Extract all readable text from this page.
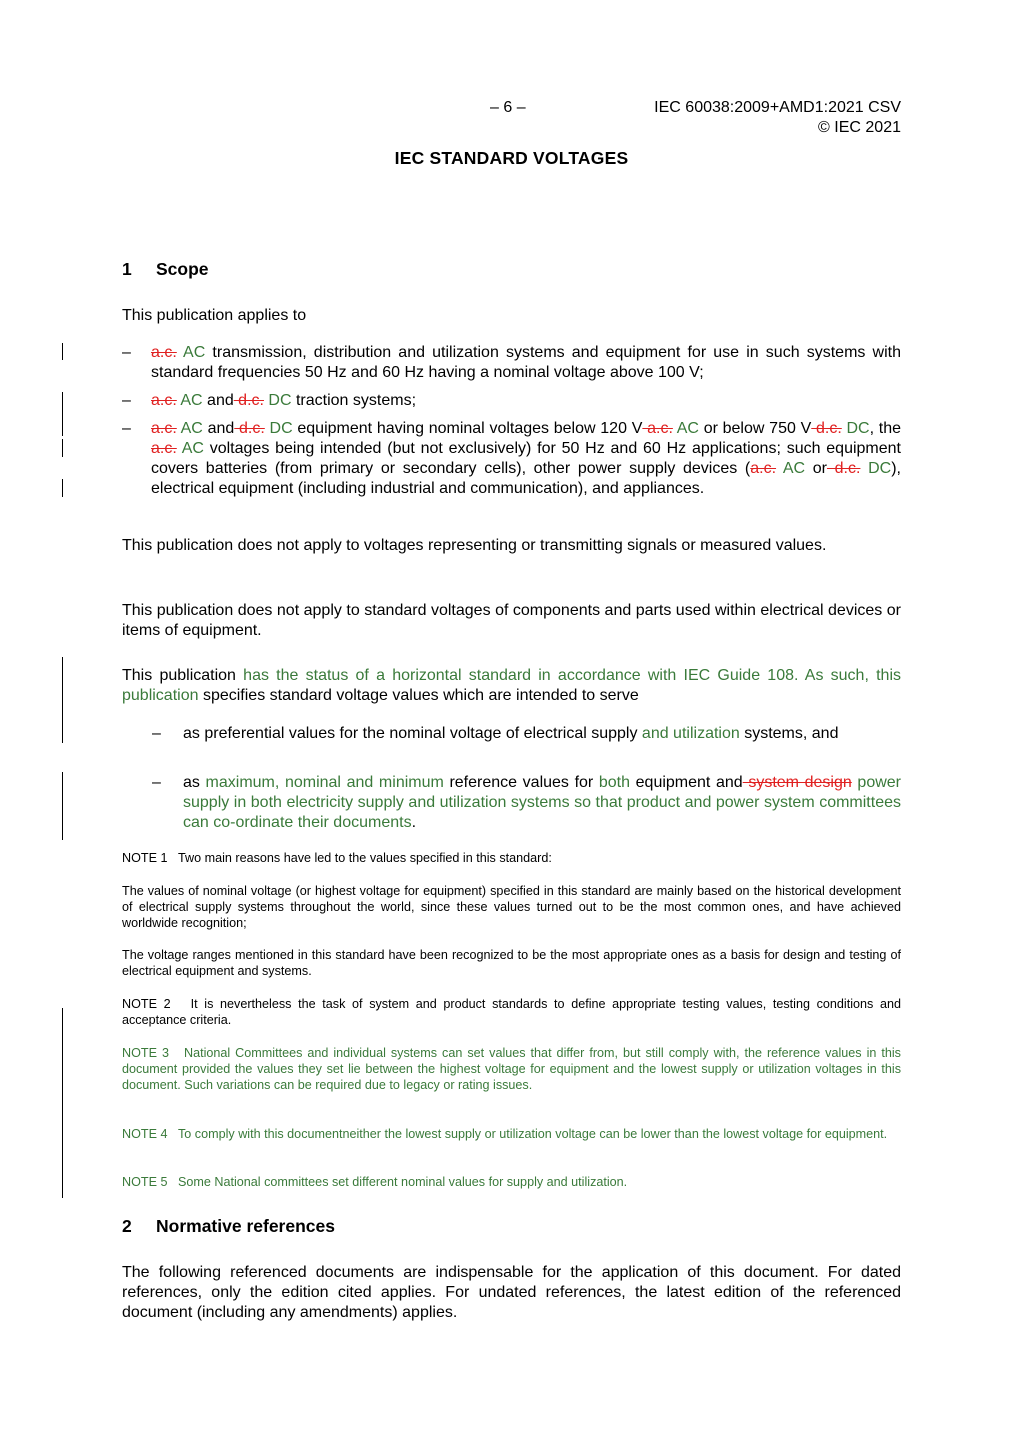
– 6 –	IEC 60038:2009+AMD1:2021 CSV
© IEC 2021
IEC STANDARD VOLTAGES
1 Scope
This publication applies to
– a.c. AC transmission, distribution and utilization systems and equipment for use in such systems with standard frequencies 50 Hz and 60 Hz having a nominal voltage above 100 V;
– a.c. AC and d.c. DC traction systems;
– a.c. AC and d.c. DC equipment having nominal voltages below 120 V a.c. AC or below 750 V d.c. DC, the a.c. AC voltages being intended (but not exclusively) for 50 Hz and 60 Hz applications; such equipment covers batteries (from primary or secondary cells), other power supply devices (a.c. AC or d.c. DC), electrical equipment (including industrial and communication), and appliances.
This publication does not apply to voltages representing or transmitting signals or measured values.
This publication does not apply to standard voltages of components and parts used within electrical devices or items of equipment.
This publication has the status of a horizontal standard in accordance with IEC Guide 108. As such, this publication specifies standard voltage values which are intended to serve
– as preferential values for the nominal voltage of electrical supply and utilization systems, and
– as maximum, nominal and minimum reference values for both equipment and system design power supply in both electricity supply and utilization systems so that product and power system committees can co-ordinate their documents.
NOTE 1 Two main reasons have led to the values specified in this standard:
The values of nominal voltage (or highest voltage for equipment) specified in this standard are mainly based on the historical development of electrical supply systems throughout the world, since these values turned out to be the most common ones, and have achieved worldwide recognition;
The voltage ranges mentioned in this standard have been recognized to be the most appropriate ones as a basis for design and testing of electrical equipment and systems.
NOTE 2 It is nevertheless the task of system and product standards to define appropriate testing values, testing conditions and acceptance criteria.
NOTE 3 National Committees and individual systems can set values that differ from, but still comply with, the reference values in this document provided the values they set lie between the highest voltage for equipment and the lowest supply or utilization voltages in this document. Such variations can be required due to legacy or rating issues.
NOTE 4 To comply with this documentneither the lowest supply or utilization voltage can be lower than the lowest voltage for equipment.
NOTE 5 Some National committees set different nominal values for supply and utilization.
2 Normative references
The following referenced documents are indispensable for the application of this document. For dated references, only the edition cited applies. For undated references, the latest edition of the referenced document (including any amendments) applies.
